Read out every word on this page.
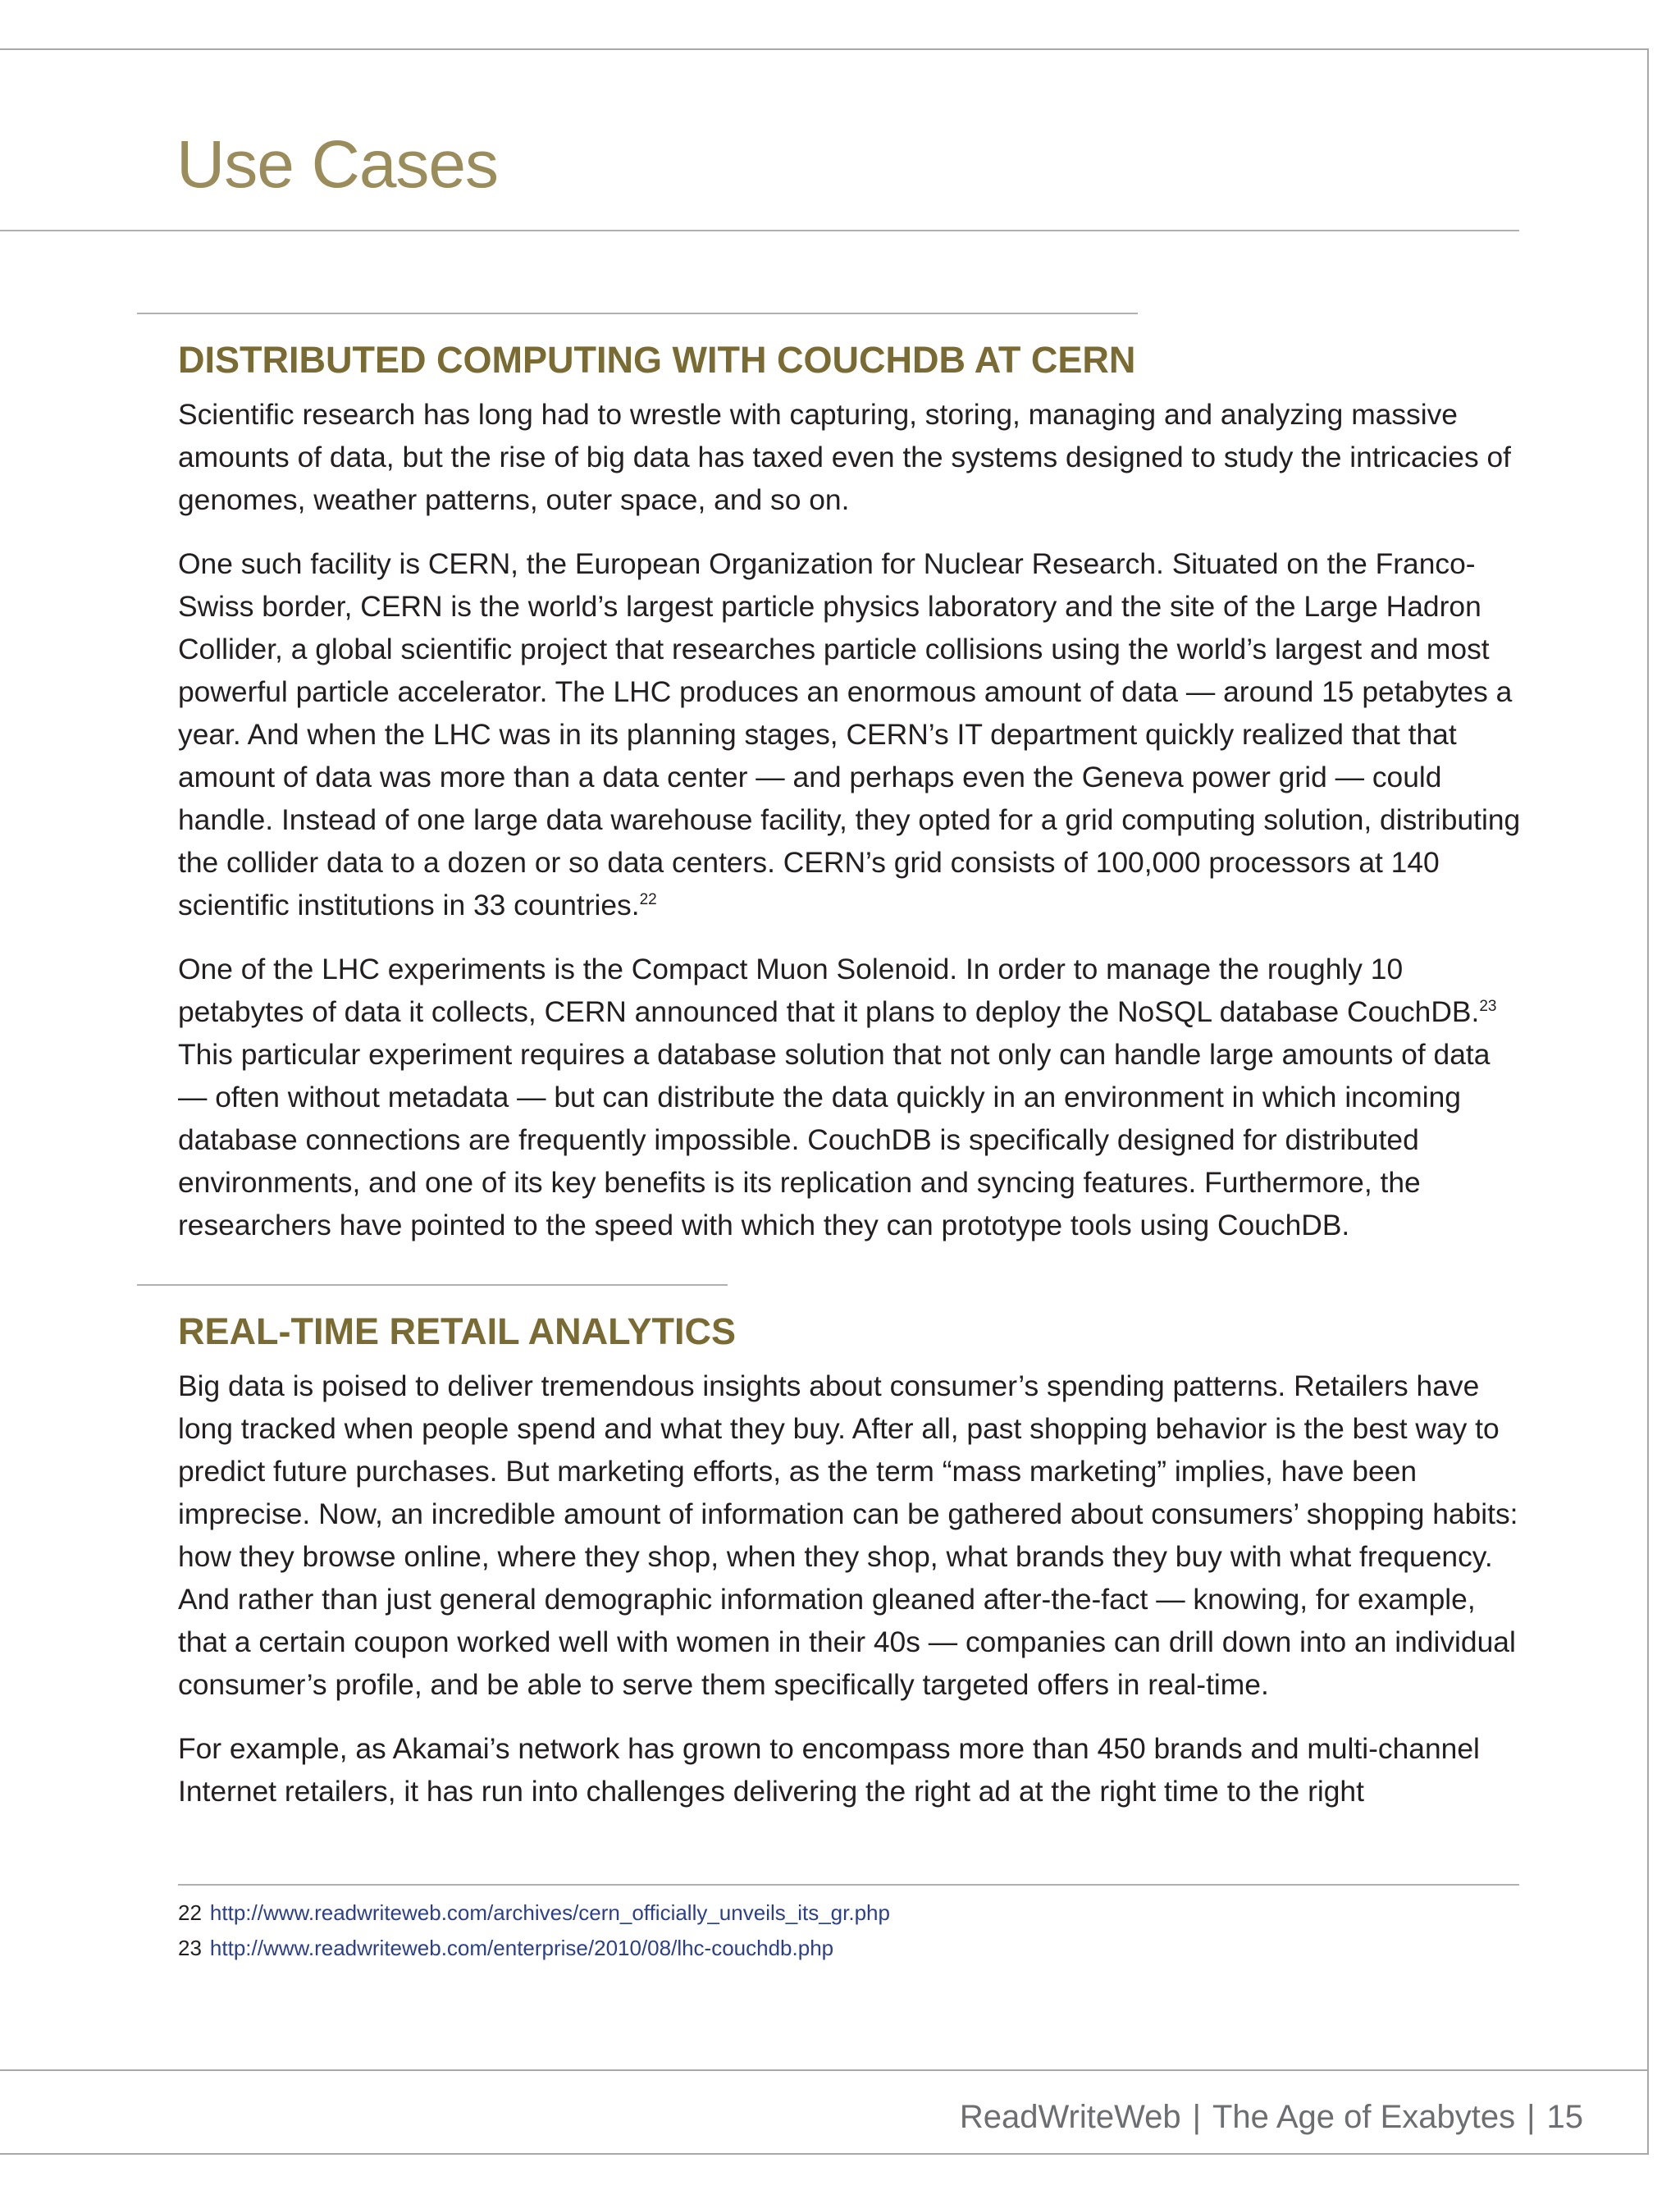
Use Cases
DISTRIBUTED COMPUTING WITH COUCHDB AT CERN

Scientific research has long had to wrestle with capturing, storing, managing and analyzing massive amounts of data, but the rise of big data has taxed even the systems designed to study the intricacies of genomes, weather patterns, outer space, and so on.

One such facility is CERN, the European Organization for Nuclear Research. Situated on the Franco-Swiss border, CERN is the world’s largest particle physics laboratory and the site of the Large Hadron Collider, a global scientific project that researches particle collisions using the world’s largest and most powerful particle accelerator. The LHC produces an enormous amount of data — around 15 petabytes a year. And when the LHC was in its planning stages, CERN’s IT department quickly realized that that amount of data was more than a data center — and perhaps even the Geneva power grid — could handle. Instead of one large data warehouse facility, they opted for a grid computing solution, distributing the collider data to a dozen or so data centers. CERN’s grid consists of 100,000 processors at 140 scientific institutions in 33 countries.$^{22}$

One of the LHC experiments is the Compact Muon Solenoid. In order to manage the roughly 10 petabytes of data it collects, CERN announced that it plans to deploy the NoSQL database CouchDB.$^{23}$ This particular experiment requires a database solution that not only can handle large amounts of data — often without metadata — but can distribute the data quickly in an environment in which incoming database connections are frequently impossible. CouchDB is specifically designed for distributed environments, and one of its key benefits is its replication and syncing features. Furthermore, the researchers have pointed to the speed with which they can prototype tools using CouchDB.

REAL-TIME RETAIL ANALYTICS

Big data is poised to deliver tremendous insights about consumer’s spending patterns. Retailers have long tracked when people spend and what they buy. After all, past shopping behavior is the best way to predict future purchases. But marketing efforts, as the term “mass marketing” implies, have been imprecise. Now, an incredible amount of information can be gathered about consumers’ shopping habits: how they browse online, where they shop, when they shop, what brands they buy with what frequency. And rather than just general demographic information gleaned after-the-fact — knowing, for example, that a certain coupon worked well with women in their 40s — companies can drill down into an individual consumer’s profile, and be able to serve them specifically targeted offers in real-time.

For example, as Akamai’s network has grown to encompass more than 450 brands and multi-channel Internet retailers, it has run into challenges delivering the right ad at the right time to the right

22 http://www.readwriteweb.com/archives/cern_officially_unveils_its_gr.php
23 http://www.readwriteweb.com/enterprise/2010/08/lhc-couchdb.php
ReadWriteWeb | The Age of Exabytes | 15
